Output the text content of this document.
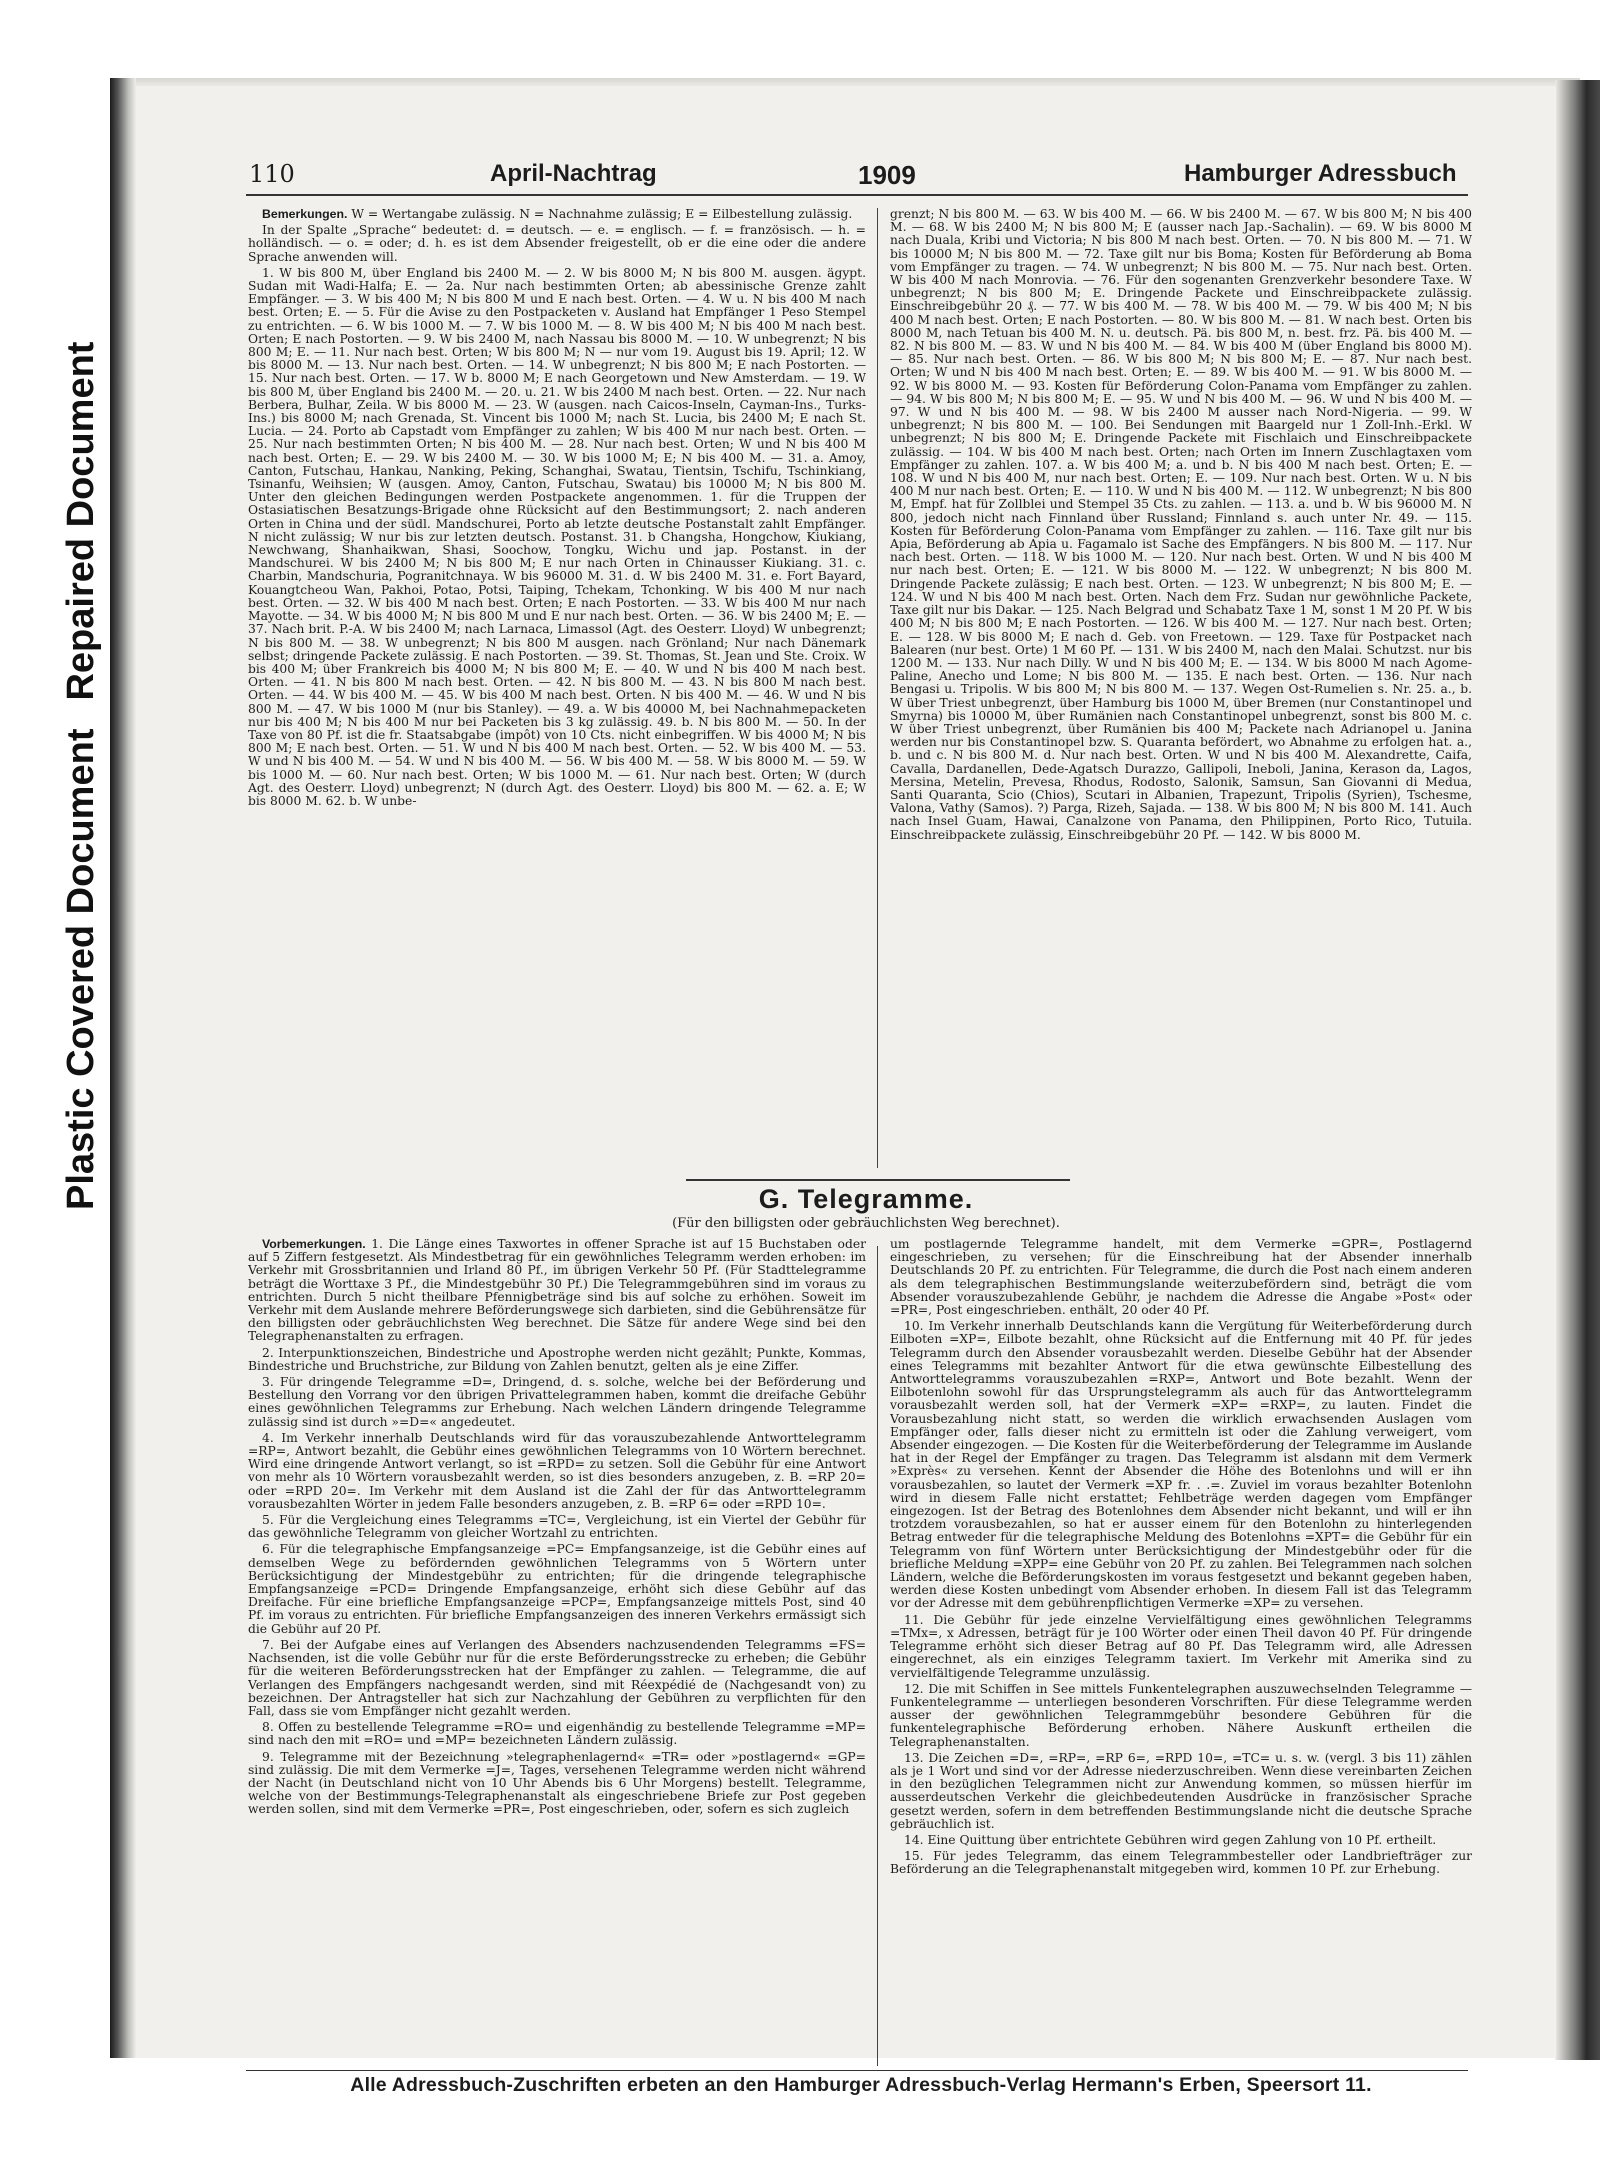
Plastic Covered DocumentRepaired Document
110	April-Nachtrag	1909	Hamburger Adressbuch

Bemerkungen. W = Wertangabe zulässig. N = Nachnahme zulässig; E = Eilbestellung zulässig.

In der Spalte „Sprache“ bedeutet: d. = deutsch. — e. = englisch. — f. = französisch. — h. = holländisch. — o. = oder; d. h. es ist dem Absender freigestellt, ob er die eine oder die andere Sprache anwenden will.

1. W bis 800 M, über England bis 2400 M. — 2. W bis 8000 M; N bis 800 M. ausgen. ägypt. Sudan mit Wadi-Halfa; E. — 2a. Nur nach bestimmten Orten; ab abessinische Grenze zahlt Empfänger. — 3. W bis 400 M; N bis 800 M und E nach best. Orten. — 4. W u. N bis 400 M nach best. Orten; E. — 5. Für die Avise zu den Postpacketen v. Ausland hat Empfänger 1 Peso Stempel zu entrichten. — 6. W bis 1000 M. — 7. W bis 1000 M. — 8. W bis 400 M; N bis 400 M nach best. Orten; E nach Postorten. — 9. W bis 2400 M, nach Nassau bis 8000 M. — 10. W unbegrenzt; N bis 800 M; E. — 11. Nur nach best. Orten; W bis 800 M; N — nur vom 19. August bis 19. April; 12. W bis 8000 M. — 13. Nur nach best. Orten. — 14. W unbegrenzt; N bis 800 M; E nach Postorten. — 15. Nur nach best. Orten. — 17. W b. 8000 M; E nach Georgetown und New Amsterdam. — 19. W bis 800 M, über England bis 2400 M. — 20. u. 21. W bis 2400 M nach best. Orten. — 22. Nur nach Berbera, Bulhar, Zeila. W bis 8000 M. — 23. W (ausgen. nach Caicos-Inseln, Cayman-Ins., Turks-Ins.) bis 8000 M; nach Grenada, St. Vincent bis 1000 M; nach St. Lucia, bis 2400 M; E nach St. Lucia. — 24. Porto ab Capstadt vom Empfänger zu zahlen; W bis 400 M nur nach best. Orten. — 25. Nur nach bestimmten Orten; N bis 400 M. — 28. Nur nach best. Orten; W und N bis 400 M nach best. Orten; E. — 29. W bis 2400 M. — 30. W bis 1000 M; E; N bis 400 M. — 31. a. Amoy, Canton, Futschau, Hankau, Nanking, Peking, Schanghai, Swatau, Tientsin, Tschifu, Tschinkiang, Tsinanfu, Weihsien; W (ausgen. Amoy, Canton, Futschau, Swatau) bis 10000 M; N bis 800 M. Unter den gleichen Bedingungen werden Postpackete angenommen. 1. für die Truppen der Ostasiatischen Besatzungs-Brigade ohne Rücksicht auf den Bestimmungsort; 2. nach anderen Orten in China und der südl. Mandschurei, Porto ab letzte deutsche Postanstalt zahlt Empfänger. N nicht zulässig; W nur bis zur letzten deutsch. Postanst. 31. b Changsha, Hongchow, Kiukiang, Newchwang, Shanhaikwan, Shasi, Soochow, Tongku, Wichu und jap. Postanst. in der Mandschurei. W bis 2400 M; N bis 800 M; E nur nach Orten in Chinausser Kiukiang. 31. c. Charbin, Mandschuria, Pogranitchnaya. W bis 96000 M. 31. d. W bis 2400 M. 31. e. Fort Bayard, Kouangtcheou Wan, Pakhoi, Potao, Potsi, Taiping, Tchekam, Tchonking. W bis 400 M nur nach best. Orten. — 32. W bis 400 M nach best. Orten; E nach Postorten. — 33. W bis 400 M nur nach Mayotte. — 34. W bis 4000 M; N bis 800 M und E nur nach best. Orten. — 36. W bis 2400 M; E. — 37. Nach brit. P.-A. W bis 2400 M; nach Larnaca, Limassol (Agt. des Oesterr. Lloyd) W unbegrenzt; N bis 800 M. — 38. W unbegrenzt; N bis 800 M ausgen. nach Grönland; Nur nach Dänemark selbst; dringende Packete zulässig. E nach Postorten. — 39. St. Thomas, St. Jean und Ste. Croix. W bis 400 M; über Frankreich bis 4000 M; N bis 800 M; E. — 40. W und N bis 400 M nach best. Orten. — 41. N bis 800 M nach best. Orten. — 42. N bis 800 M. — 43. N bis 800 M nach best. Orten. — 44. W bis 400 M. — 45. W bis 400 M nach best. Orten. N bis 400 M. — 46. W und N bis 800 M. — 47. W bis 1000 M (nur bis Stanley). — 49. a. W bis 40000 M, bei Nachnahmepacketen nur bis 400 M; N bis 400 M nur bei Packeten bis 3 kg zulässig. 49. b. N bis 800 M. — 50. In der Taxe von 80 Pf. ist die fr. Staatsabgabe (impôt) von 10 Cts. nicht einbegriffen. W bis 4000 M; N bis 800 M; E nach best. Orten. — 51. W und N bis 400 M nach best. Orten. — 52. W bis 400 M. — 53. W und N bis 400 M. — 54. W und N bis 400 M. — 56. W bis 400 M. — 58. W bis 8000 M. — 59. W bis 1000 M. — 60. Nur nach best. Orten; W bis 1000 M. — 61. Nur nach best. Orten; W (durch Agt. des Oesterr. Lloyd) unbegrenzt; N (durch Agt. des Oesterr. Lloyd) bis 800 M. — 62. a. E; W bis 8000 M. 62. b. W unbe-

grenzt; N bis 800 M. — 63. W bis 400 M. — 66. W bis 2400 M. — 67. W bis 800 M; N bis 400 M. — 68. W bis 2400 M; N bis 800 M; E (ausser nach Jap.-Sachalin). — 69. W bis 8000 M nach Duala, Kribi und Victoria; N bis 800 M nach best. Orten. — 70. N bis 800 M. — 71. W bis 10000 M; N bis 800 M. — 72. Taxe gilt nur bis Boma; Kosten für Beförderung ab Boma vom Empfänger zu tragen. — 74. W unbegrenzt; N bis 800 M. — 75. Nur nach best. Orten. W bis 400 M nach Monrovia. — 76. Für den sogenanten Grenzverkehr besondere Taxe. W unbegrenzt; N bis 800 M; E. Dringende Packete und Einschreibpackete zulässig. Einschreibgebühr 20 ₰. — 77. W bis 400 M. — 78. W bis 400 M. — 79. W bis 400 M; N bis 400 M nach best. Orten; E nach Postorten. — 80. W bis 800 M. — 81. W nach best. Orten bis 8000 M, nach Tetuan bis 400 M. N. u. deutsch. Pä. bis 800 M, n. best. frz. Pä. bis 400 M. — 82. N bis 800 M. — 83. W und N bis 400 M. — 84. W bis 400 M (über England bis 8000 M). — 85. Nur nach best. Orten. — 86. W bis 800 M; N bis 800 M; E. — 87. Nur nach best. Orten; W und N bis 400 M nach best. Orten; E. — 89. W bis 400 M. — 91. W bis 8000 M. — 92. W bis 8000 M. — 93. Kosten für Beförderung Colon-Panama vom Empfänger zu zahlen. — 94. W bis 800 M; N bis 800 M; E. — 95. W und N bis 400 M. — 96. W und N bis 400 M. — 97. W und N bis 400 M. — 98. W bis 2400 M ausser nach Nord-Nigeria. — 99. W unbegrenzt; N bis 800 M. — 100. Bei Sendungen mit Baargeld nur 1 Zoll-Inh.-Erkl. W unbegrenzt; N bis 800 M; E. Dringende Packete mit Fischlaich und Einschreibpackete zulässig. — 104. W bis 400 M nach best. Orten; nach Orten im Innern Zuschlagtaxen vom Empfänger zu zahlen. 107. a. W bis 400 M; a. und b. N bis 400 M nach best. Orten; E. — 108. W und N bis 400 M, nur nach best. Orten; E. — 109. Nur nach best. Orten. W u. N bis 400 M nur nach best. Orten; E. — 110. W und N bis 400 M. — 112. W unbegrenzt; N bis 800 M, Empf. hat für Zollblei und Stempel 35 Cts. zu zahlen. — 113. a. und b. W bis 96000 M. N 800, jedoch nicht nach Finnland über Russland; Finnland s. auch unter Nr. 49. — 115. Kosten für Beförderung Colon-Panama vom Empfänger zu zahlen. — 116. Taxe gilt nur bis Apia, Beförderung ab Apia u. Fagamalo ist Sache des Empfängers. N bis 800 M. — 117. Nur nach best. Orten. — 118. W bis 1000 M. — 120. Nur nach best. Orten. W und N bis 400 M nur nach best. Orten; E. — 121. W bis 8000 M. — 122. W unbegrenzt; N bis 800 M. Dringende Packete zulässig; E nach best. Orten. — 123. W unbegrenzt; N bis 800 M; E. — 124. W und N bis 400 M nach best. Orten. Nach dem Frz. Sudan nur gewöhnliche Packete, Taxe gilt nur bis Dakar. — 125. Nach Belgrad und Schabatz Taxe 1 M, sonst 1 M 20 Pf. W bis 400 M; N bis 800 M; E nach Postorten. — 126. W bis 400 M. — 127. Nur nach best. Orten; E. — 128. W bis 8000 M; E nach d. Geb. von Freetown. — 129. Taxe für Postpacket nach Balearen (nur best. Orte) 1 M 60 Pf. — 131. W bis 2400 M, nach den Malai. Schutzst. nur bis 1200 M. — 133. Nur nach Dilly. W und N bis 400 M; E. — 134. W bis 8000 M nach Agome-Paline, Anecho und Lome; N bis 800 M. — 135. E nach best. Orten. — 136. Nur nach Bengasi u. Tripolis. W bis 800 M; N bis 800 M. — 137. Wegen Ost-Rumelien s. Nr. 25. a., b. W über Triest unbegrenzt, über Hamburg bis 1000 M, über Bremen (nur Constantinopel und Smyrna) bis 10000 M, über Rumänien nach Constantinopel unbegrenzt, sonst bis 800 M. c. W über Triest unbegrenzt, über Rumänien bis 400 M; Packete nach Adrianopel u. Janina werden nur bis Constantinopel bzw. S. Quaranta befördert, wo Abnahme zu erfolgen hat. a., b. und c. N bis 800 M. d. Nur nach best. Orten. W und N bis 400 M. Alexandrette, Caifa, Cavalla, Dardanellen, Dede-Agatsch Durazzo, Gallipoli, Ineboli, Janina, Kerason da, Lagos, Mersina, Metelin, Prevesa, Rhodus, Rodosto, Salonik, Samsun, San Giovanni di Medua, Santi Quaranta, Scio (Chios), Scutari in Albanien, Trapezunt, Tripolis (Syrien), Tschesme, Valona, Vathy (Samos). ?) Parga, Rizeh, Sajada. — 138. W bis 800 M; N bis 800 M. 141. Auch nach Insel Guam, Hawai, Canalzone von Panama, den Philippinen, Porto Rico, Tutuila. Einschreibpackete zulässig, Einschreibgebühr 20 Pf. — 142. W bis 8000 M.

G. Telegramme.
(Für den billigsten oder gebräuchlichsten Weg berechnet).

Vorbemerkungen. 1. Die Länge eines Taxwortes in offener Sprache ist auf 15 Buchstaben oder auf 5 Ziffern festgesetzt. Als Mindestbetrag für ein gewöhnliches Telegramm werden erhoben: im Verkehr mit Grossbritannien und Irland 80 Pf., im übrigen Verkehr 50 Pf. (Für Stadttelegramme beträgt die Worttaxe 3 Pf., die Mindestgebühr 30 Pf.) Die Telegrammgebühren sind im voraus zu entrichten. Durch 5 nicht theilbare Pfennigbeträge sind bis auf solche zu erhöhen. Soweit im Verkehr mit dem Auslande mehrere Beförderungswege sich darbieten, sind die Gebührensätze für den billigsten oder gebräuchlichsten Weg berechnet. Die Sätze für andere Wege sind bei den Telegraphenanstalten zu erfragen.

2. Interpunktionszeichen, Bindestriche und Apostrophe werden nicht gezählt; Punkte, Kommas, Bindestriche und Bruchstriche, zur Bildung von Zahlen benutzt, gelten als je eine Ziffer.

3. Für dringende Telegramme =D=, Dringend, d. s. solche, welche bei der Beförderung und Bestellung den Vorrang vor den übrigen Privattelegrammen haben, kommt die dreifache Gebühr eines gewöhnlichen Telegramms zur Erhebung. Nach welchen Ländern dringende Telegramme zulässig sind ist durch »=D=« angedeutet.

4. Im Verkehr innerhalb Deutschlands wird für das vorauszubezahlende Antworttelegramm =RP=, Antwort bezahlt, die Gebühr eines gewöhnlichen Telegramms von 10 Wörtern berechnet. Wird eine dringende Antwort verlangt, so ist =RPD= zu setzen. Soll die Gebühr für eine Antwort von mehr als 10 Wörtern vorausbezahlt werden, so ist dies besonders anzugeben, z. B. =RP 20= oder =RPD 20=. Im Verkehr mit dem Ausland ist die Zahl der für das Antworttelegramm vorausbezahlten Wörter in jedem Falle besonders anzugeben, z. B. =RP 6= oder =RPD 10=.

5. Für die Vergleichung eines Telegramms =TC=, Vergleichung, ist ein Viertel der Gebühr für das gewöhnliche Telegramm von gleicher Wortzahl zu entrichten.

6. Für die telegraphische Empfangsanzeige =PC= Empfangsanzeige, ist die Gebühr eines auf demselben Wege zu befördernden gewöhnlichen Telegramms von 5 Wörtern unter Berücksichtigung der Mindestgebühr zu entrichten; für die dringende telegraphische Empfangsanzeige =PCD= Dringende Empfangsanzeige, erhöht sich diese Gebühr auf das Dreifache. Für eine briefliche Empfangsanzeige =PCP=, Empfangsanzeige mittels Post, sind 40 Pf. im voraus zu entrichten. Für briefliche Empfangsanzeigen des inneren Verkehrs ermässigt sich die Gebühr auf 20 Pf.

7. Bei der Aufgabe eines auf Verlangen des Absenders nachzusendenden Telegramms =FS= Nachsenden, ist die volle Gebühr nur für die erste Beförderungsstrecke zu erheben; die Gebühr für die weiteren Beförderungsstrecken hat der Empfänger zu zahlen. — Telegramme, die auf Verlangen des Empfängers nachgesandt werden, sind mit Réexpédié de (Nachgesandt von) zu bezeichnen. Der Antragsteller hat sich zur Nachzahlung der Gebühren zu verpflichten für den Fall, dass sie vom Empfänger nicht gezahlt werden.

8. Offen zu bestellende Telegramme =RO= und eigenhändig zu bestellende Telegramme =MP= sind nach den mit =RO= und =MP= bezeichneten Ländern zulässig.

9. Telegramme mit der Bezeichnung »telegraphenlagernd« =TR= oder »postlagernd« =GP= sind zulässig. Die mit dem Vermerke =J=, Tages, versehenen Telegramme werden nicht während der Nacht (in Deutschland nicht von 10 Uhr Abends bis 6 Uhr Morgens) bestellt. Telegramme, welche von der Bestimmungs-Telegraphenanstalt als eingeschriebene Briefe zur Post gegeben werden sollen, sind mit dem Vermerke =PR=, Post eingeschrieben, oder, sofern es sich zugleich

um postlagernde Telegramme handelt, mit dem Vermerke =GPR=, Postlagernd eingeschrieben, zu versehen; für die Einschreibung hat der Absender innerhalb Deutschlands 20 Pf. zu entrichten. Für Telegramme, die durch die Post nach einem anderen als dem telegraphischen Bestimmungslande weiterzubefördern sind, beträgt die vom Absender vorauszubezahlende Gebühr, je nachdem die Adresse die Angabe »Post« oder =PR=, Post eingeschrieben. enthält, 20 oder 40 Pf.

10. Im Verkehr innerhalb Deutschlands kann die Vergütung für Weiterbeförderung durch Eilboten =XP=, Eilbote bezahlt, ohne Rücksicht auf die Entfernung mit 40 Pf. für jedes Telegramm durch den Absender vorausbezahlt werden. Dieselbe Gebühr hat der Absender eines Telegramms mit bezahlter Antwort für die etwa gewünschte Eilbestellung des Antworttelegramms vorauszubezahlen =RXP=, Antwort und Bote bezahlt. Wenn der Eilbotenlohn sowohl für das Ursprungstelegramm als auch für das Antworttelegramm vorausbezahlt werden soll, hat der Vermerk =XP= =RXP=, zu lauten. Findet die Vorausbezahlung nicht statt, so werden die wirklich erwachsenden Auslagen vom Empfänger oder, falls dieser nicht zu ermitteln ist oder die Zahlung verweigert, vom Absender eingezogen. — Die Kosten für die Weiterbeförderung der Telegramme im Auslande hat in der Regel der Empfänger zu tragen. Das Telegramm ist alsdann mit dem Vermerk »Exprès« zu versehen. Kennt der Absender die Höhe des Botenlohns und will er ihn vorausbezahlen, so lautet der Vermerk =XP fr. . .=. Zuviel im voraus bezahlter Botenlohn wird in diesem Falle nicht erstattet; Fehlbeträge werden dagegen vom Empfänger eingezogen. Ist der Betrag des Botenlohnes dem Absender nicht bekannt, und will er ihn trotzdem vorausbezahlen, so hat er ausser einem für den Botenlohn zu hinterlegenden Betrag entweder für die telegraphische Meldung des Botenlohns =XPT= die Gebühr für ein Telegramm von fünf Wörtern unter Berücksichtigung der Mindestgebühr oder für die briefliche Meldung =XPP= eine Gebühr von 20 Pf. zu zahlen. Bei Telegrammen nach solchen Ländern, welche die Beförderungskosten im voraus festgesetzt und bekannt gegeben haben, werden diese Kosten unbedingt vom Absender erhoben. In diesem Fall ist das Telegramm vor der Adresse mit dem gebührenpflichtigen Vermerke =XP= zu versehen.

11. Die Gebühr für jede einzelne Vervielfältigung eines gewöhnlichen Telegramms =TMx=, x Adressen, beträgt für je 100 Wörter oder einen Theil davon 40 Pf. Für dringende Telegramme erhöht sich dieser Betrag auf 80 Pf. Das Telegramm wird, alle Adressen eingerechnet, als ein einziges Telegramm taxiert. Im Verkehr mit Amerika sind zu vervielfältigende Telegramme unzulässig.

12. Die mit Schiffen in See mittels Funkentelegraphen auszuwechselnden Telegramme — Funkentelegramme — unterliegen besonderen Vorschriften. Für diese Telegramme werden ausser der gewöhnlichen Telegrammgebühr besondere Gebühren für die funkentelegraphische Beförderung erhoben. Nähere Auskunft ertheilen die Telegraphenanstalten.

13. Die Zeichen =D=, =RP=, =RP 6=, =RPD 10=, =TC= u. s. w. (vergl. 3 bis 11) zählen als je 1 Wort und sind vor der Adresse niederzuschreiben. Wenn diese vereinbarten Zeichen in den bezüglichen Telegrammen nicht zur Anwendung kommen, so müssen hierfür im ausserdeutschen Verkehr die gleichbedeutenden Ausdrücke in französischer Sprache gesetzt werden, sofern in dem betreffenden Bestimmungslande nicht die deutsche Sprache gebräuchlich ist.

14. Eine Quittung über entrichtete Gebühren wird gegen Zahlung von 10 Pf. ertheilt.

15. Für jedes Telegramm, das einem Telegrammbesteller oder Landbriefträger zur Beförderung an die Telegraphenanstalt mitgegeben wird, kommen 10 Pf. zur Erhebung.

Alle Adressbuch-Zuschriften erbeten an den Hamburger Adressbuch-Verlag Hermann's Erben, Speersort 11.
